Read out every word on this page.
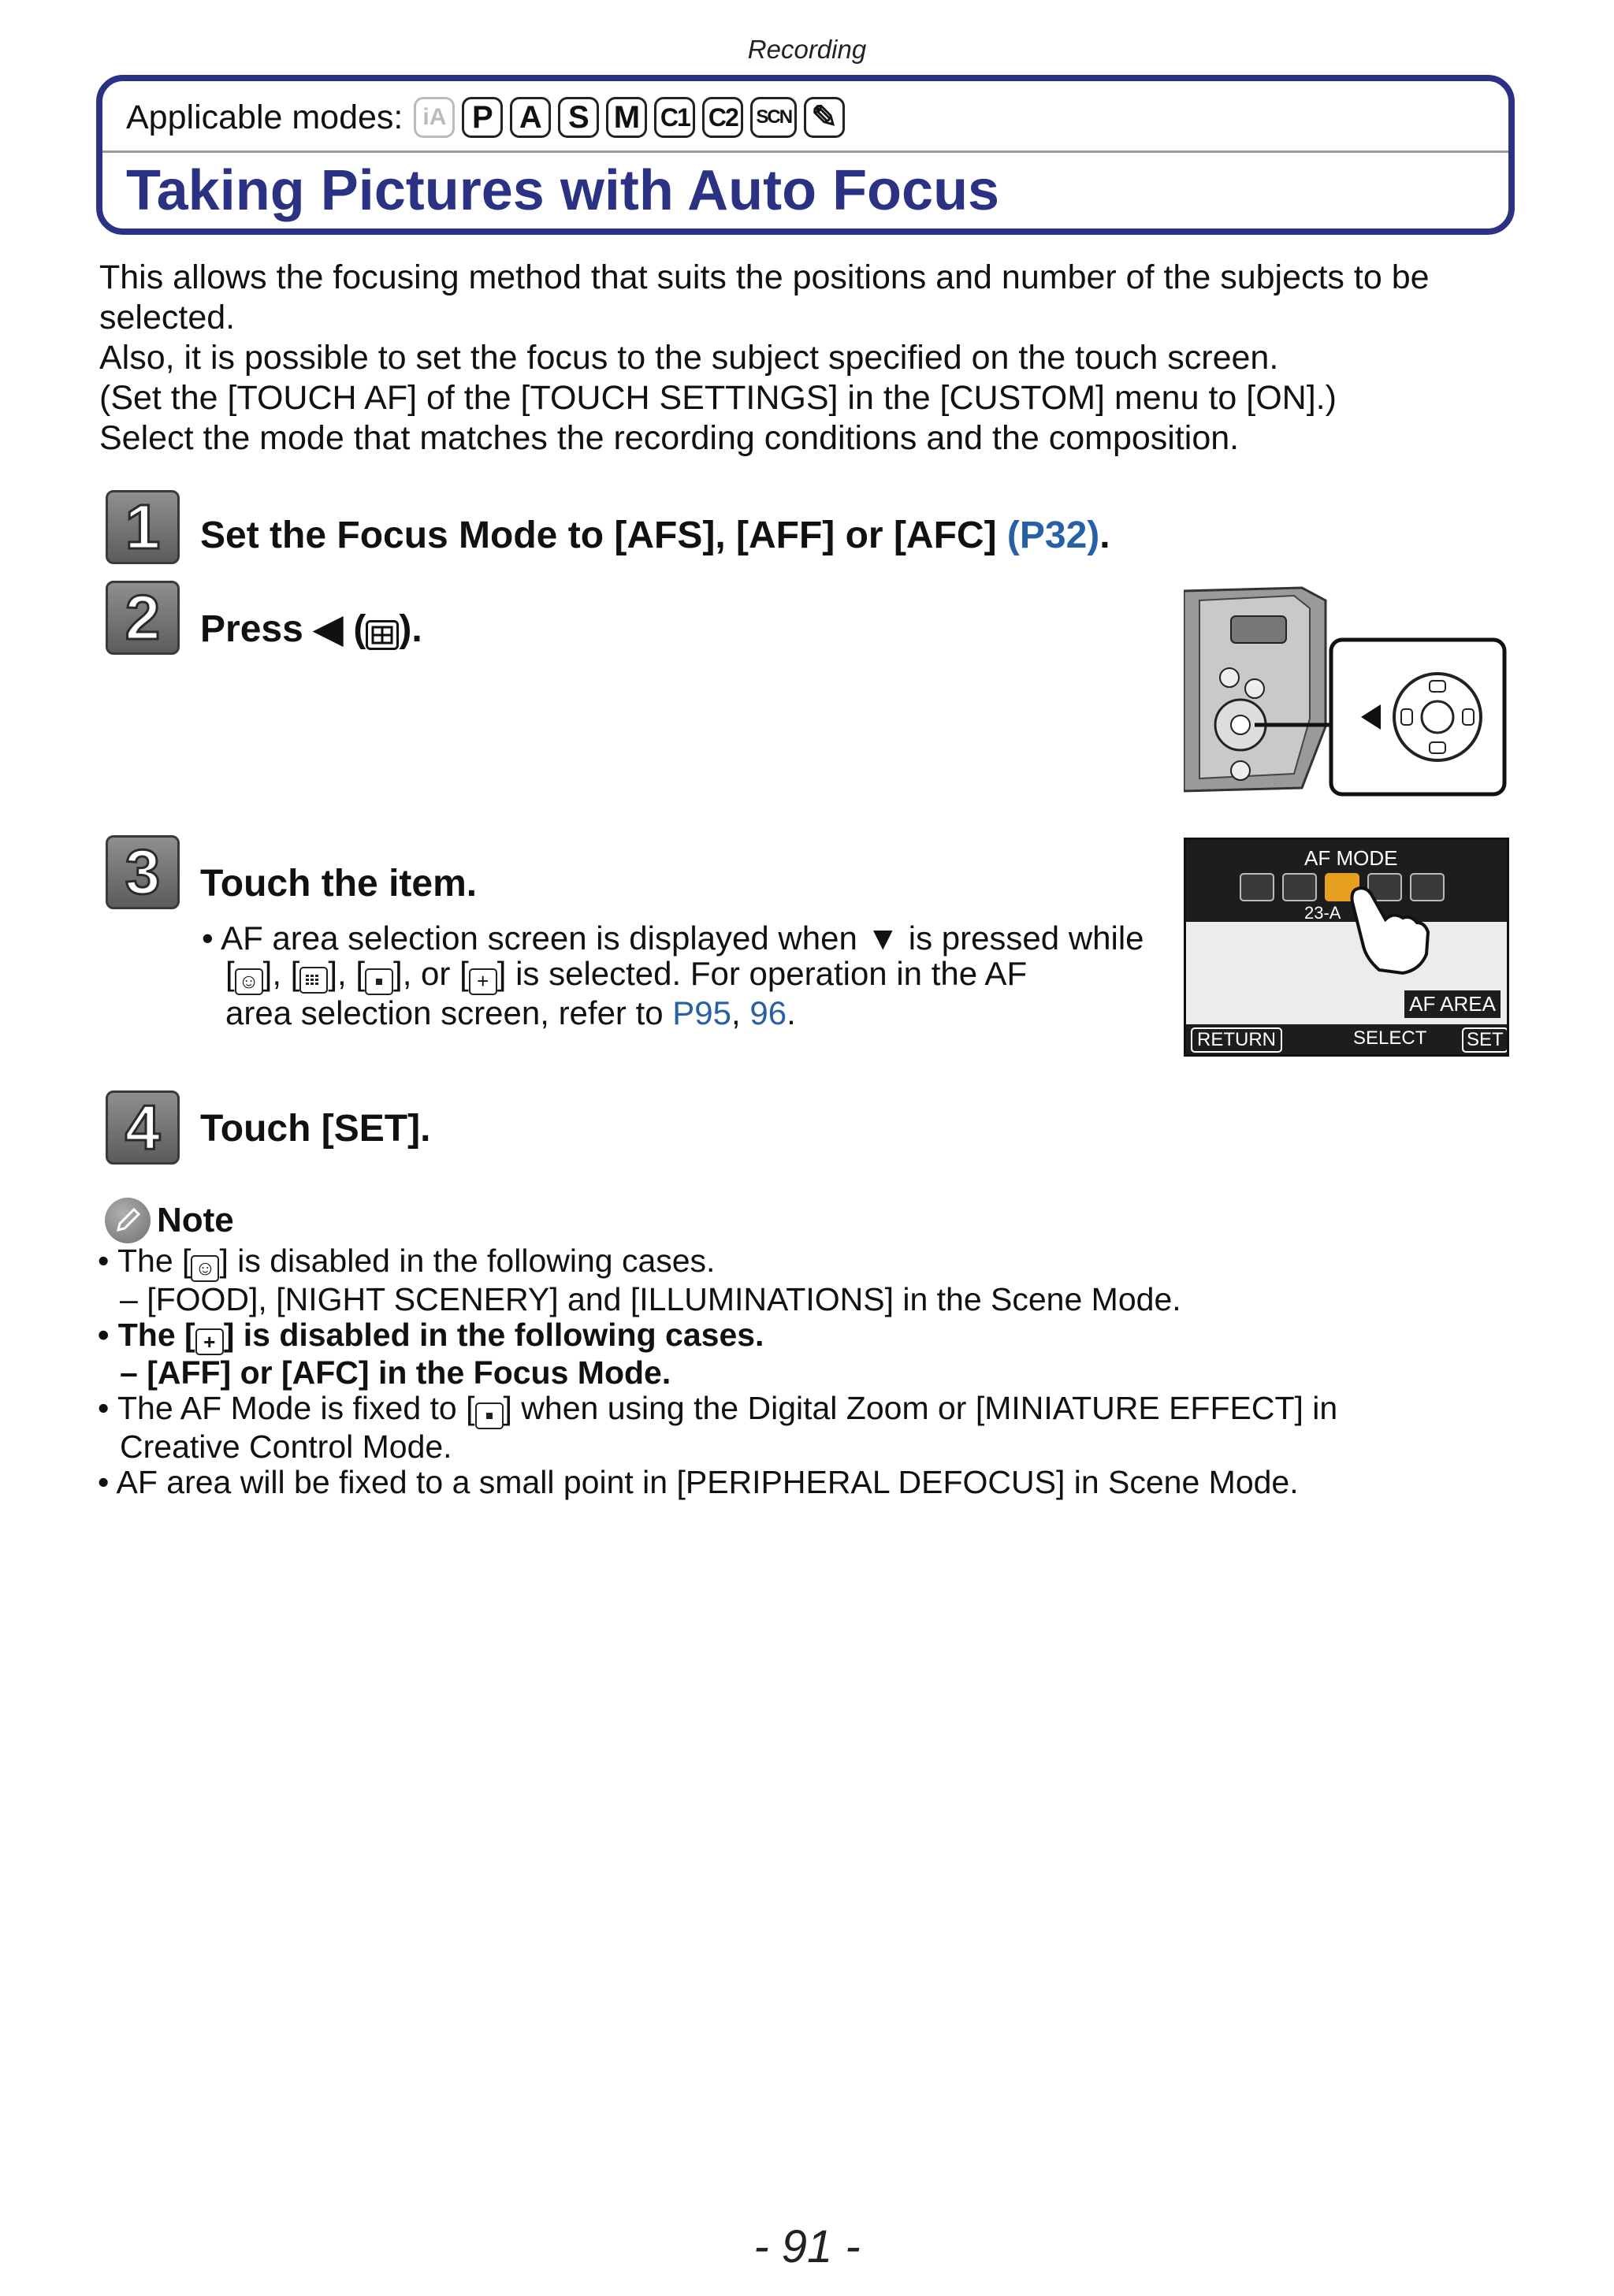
Recording
Applicable modes: iA P A S M C1 C2 SCN ✎
Taking Pictures with Auto Focus

This allows the focusing method that suits the positions and number of the subjects to be selected.

Also, it is possible to set the focus to the subject specified on the touch screen.

(Set the [TOUCH AF] of the [TOUCH SETTINGS] in the [CUSTOM] menu to [ON].)

Select the mode that matches the recording conditions and the composition.

1 Set the Focus Mode to [AFS], [AFF] or [AFC] (P32).
2 Press ◀ ( ).
3 Touch the item.
• AF area selection screen is displayed when ▼ is pressed while
[ ☺ ], [ ], [ ], or [ + ] is selected. For operation in the AF
area selection screen, refer to P95, 96.
AF MODE
23-A
AF AREA
RETURN	SELECT SET
4 Touch [SET].
Note
• The [ ☺ ] is disabled in the following cases.
– [FOOD], [NIGHT SCENERY] and [ILLUMINATIONS] in the Scene Mode.
• The [ + ] is disabled in the following cases.
– [AFF] or [AFC] in the Focus Mode.
• The AF Mode is fixed to [ ] when using the Digital Zoom or [MINIATURE EFFECT] in
Creative Control Mode.
• AF area will be fixed to a small point in [PERIPHERAL DEFOCUS] in Scene Mode.
- 91 -
